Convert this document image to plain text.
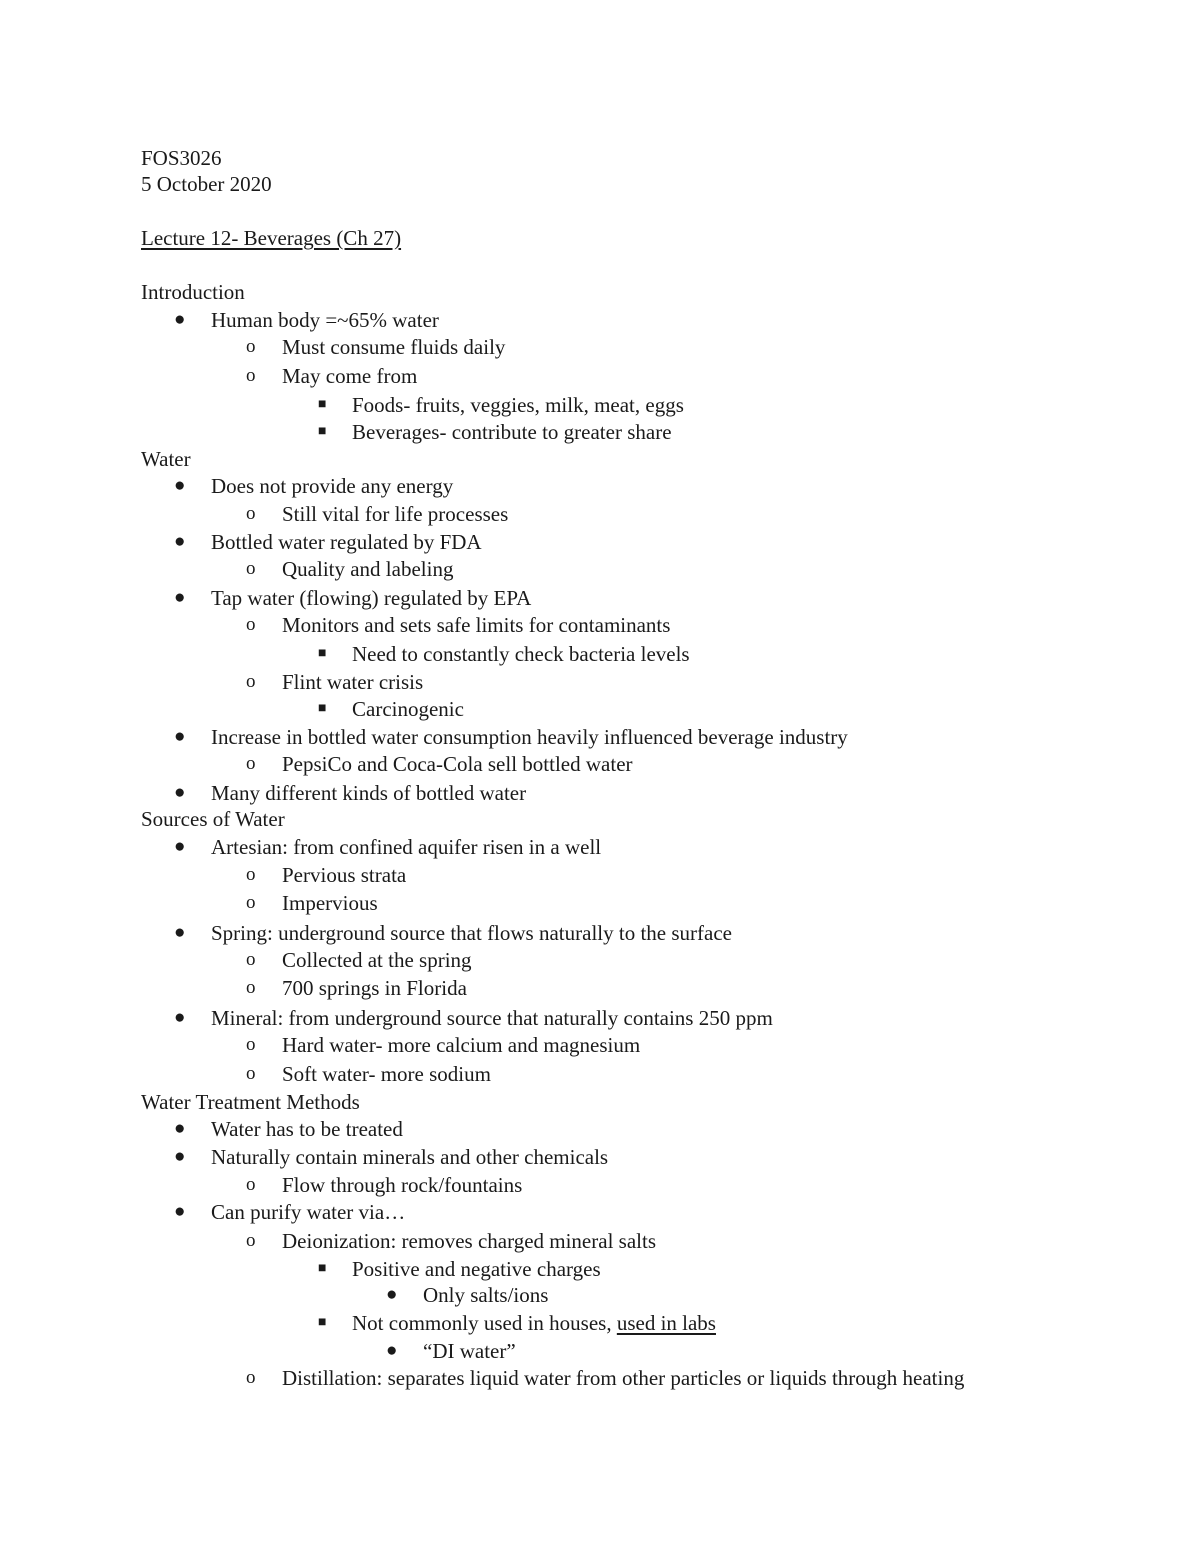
FOS3026
5 October 2020
Lecture 12- Beverages (Ch 27)
Introduction
● Human body =~65% water
o Must consume fluids daily
o May come from
■ Foods- fruits, veggies, milk, meat, eggs
■ Beverages- contribute to greater share
Water
● Does not provide any energy
o Still vital for life processes
● Bottled water regulated by FDA
o Quality and labeling
● Tap water (flowing) regulated by EPA
o Monitors and sets safe limits for contaminants
■ Need to constantly check bacteria levels
o Flint water crisis
■ Carcinogenic
● Increase in bottled water consumption heavily influenced beverage industry
o PepsiCo and Coca-Cola sell bottled water
● Many different kinds of bottled water
Sources of Water
● Artesian: from confined aquifer risen in a well
o Pervious strata
o Impervious
● Spring: underground source that flows naturally to the surface
o Collected at the spring
o 700 springs in Florida
● Mineral: from underground source that naturally contains 250 ppm
o Hard water- more calcium and magnesium
o Soft water- more sodium
Water Treatment Methods
● Water has to be treated
● Naturally contain minerals and other chemicals
o Flow through rock/fountains
● Can purify water via…
o Deionization: removes charged mineral salts
■ Positive and negative charges
● Only salts/ions
■ Not commonly used in houses, used in labs
● “DI water”
o Distillation: separates liquid water from other particles or liquids through heating
